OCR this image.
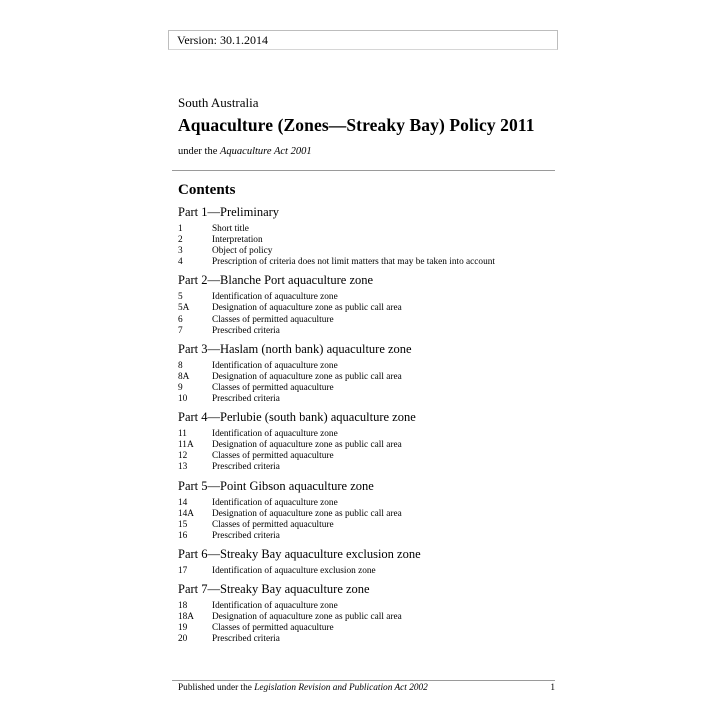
Version: 30.1.2014
South Australia
Aquaculture (Zones—Streaky Bay) Policy 2011
under the Aquaculture Act 2001
Contents
Part 1—Preliminary
1	Short title
2	Interpretation
3	Object of policy
4	Prescription of criteria does not limit matters that may be taken into account
Part 2—Blanche Port aquaculture zone
5	Identification of aquaculture zone
5A	Designation of aquaculture zone as public call area
6	Classes of permitted aquaculture
7	Prescribed criteria
Part 3—Haslam (north bank) aquaculture zone
8	Identification of aquaculture zone
8A	Designation of aquaculture zone as public call area
9	Classes of permitted aquaculture
10	Prescribed criteria
Part 4—Perlubie (south bank) aquaculture zone
11	Identification of aquaculture zone
11A	Designation of aquaculture zone as public call area
12	Classes of permitted aquaculture
13	Prescribed criteria
Part 5—Point Gibson aquaculture zone
14	Identification of aquaculture zone
14A	Designation of aquaculture zone as public call area
15	Classes of permitted aquaculture
16	Prescribed criteria
Part 6—Streaky Bay aquaculture exclusion zone
17	Identification of aquaculture exclusion zone
Part 7—Streaky Bay aquaculture zone
18	Identification of aquaculture zone
18A	Designation of aquaculture zone as public call area
19	Classes of permitted aquaculture
20	Prescribed criteria
Published under the Legislation Revision and Publication Act 2002	1
